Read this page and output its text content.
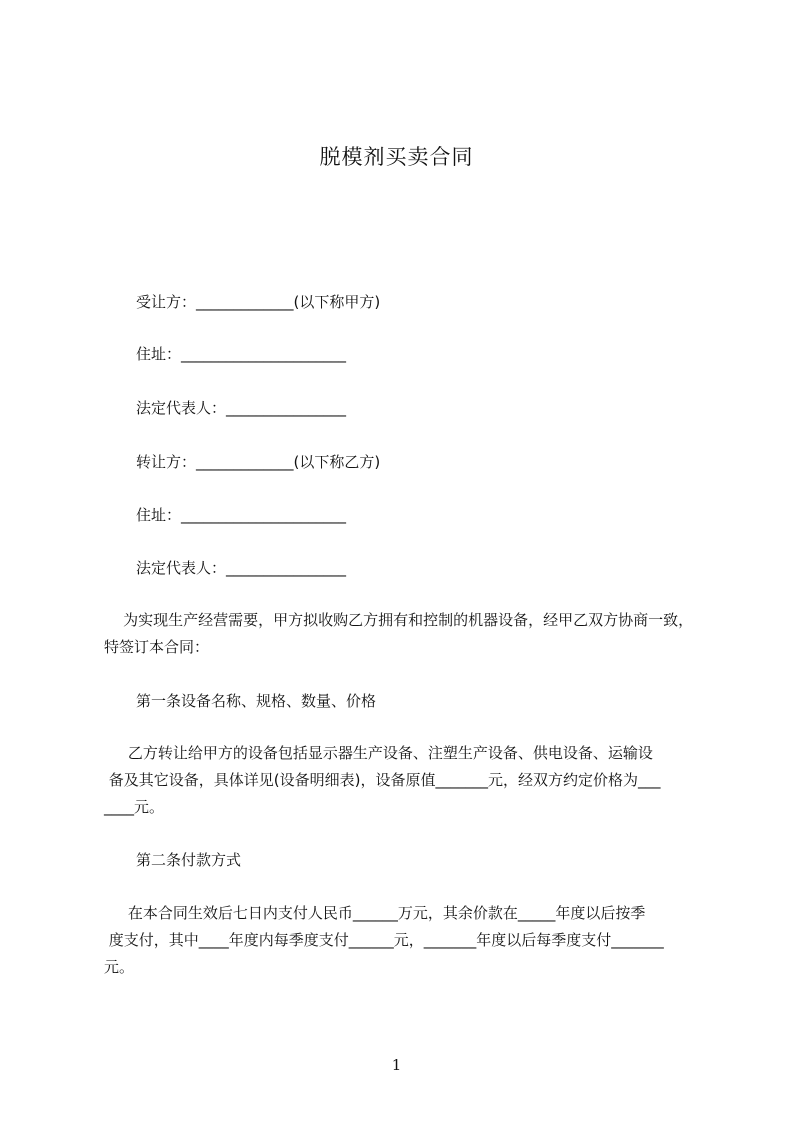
脱模剂买卖合同
受让方：_____________(以下称甲方)
住址：______________________
法定代表人：________________
转让方：_____________(以下称乙方)
住址：______________________
法定代表人：________________
为实现生产经营需要，甲方拟收购乙方拥有和控制的机器设备，经甲乙双方协商一致，特签订本合同：
第一条设备名称、规格、数量、价格
乙方转让给甲方的设备包括显示器生产设备、注塑生产设备、供电设备、运输设
备及其它设备，具体详见(设备明细表)，设备原值_______元，经双方约定价格为___
____元。
第二条付款方式
在本合同生效后七日内支付人民币______万元，其余价款在_____年度以后按季
度支付，其中____年度内每季度支付______元，_______年度以后每季度支付_______
元。
1
